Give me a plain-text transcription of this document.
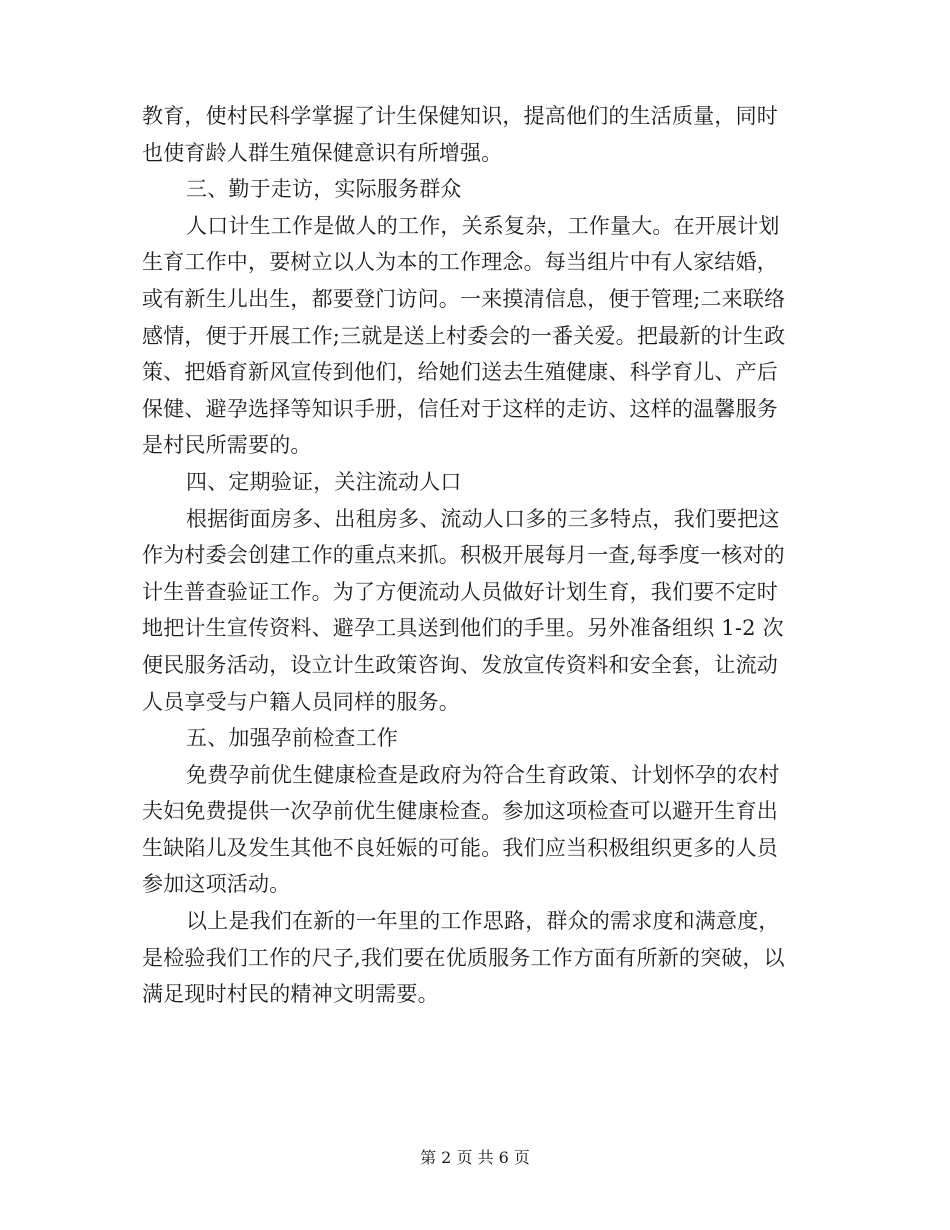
教育，使村民科学掌握了计生保健知识，提高他们的生活质量，同时
也使育龄人群生殖保健意识有所增强。
三、勤于走访，实际服务群众
人口计生工作是做人的工作，关系复杂，工作量大。在开展计划
生育工作中，要树立以人为本的工作理念。每当组片中有人家结婚，
或有新生儿出生，都要登门访问。一来摸清信息，便于管理;二来联络
感情，便于开展工作;三就是送上村委会的一番关爱。把最新的计生政
策、把婚育新风宣传到他们，给她们送去生殖健康、科学育儿、产后
保健、避孕选择等知识手册，信任对于这样的走访、这样的温馨服务
是村民所需要的。
四、定期验证，关注流动人口
根据街面房多、出租房多、流动人口多的三多特点，我们要把这
作为村委会创建工作的重点来抓。积极开展每月一查,每季度一核对的
计生普查验证工作。为了方便流动人员做好计划生育，我们要不定时
地把计生宣传资料、避孕工具送到他们的手里。另外准备组织 1-2 次
便民服务活动，设立计生政策咨询、发放宣传资料和安全套，让流动
人员享受与户籍人员同样的服务。
五、加强孕前检查工作
免费孕前优生健康检查是政府为符合生育政策、计划怀孕的农村
夫妇免费提供一次孕前优生健康检查。参加这项检查可以避开生育出
生缺陷儿及发生其他不良妊娠的可能。我们应当积极组织更多的人员
参加这项活动。
以上是我们在新的一年里的工作思路，群众的需求度和满意度，
是检验我们工作的尺子,我们要在优质服务工作方面有所新的突破，以
满足现时村民的精神文明需要。
第 2 页 共 6 页
